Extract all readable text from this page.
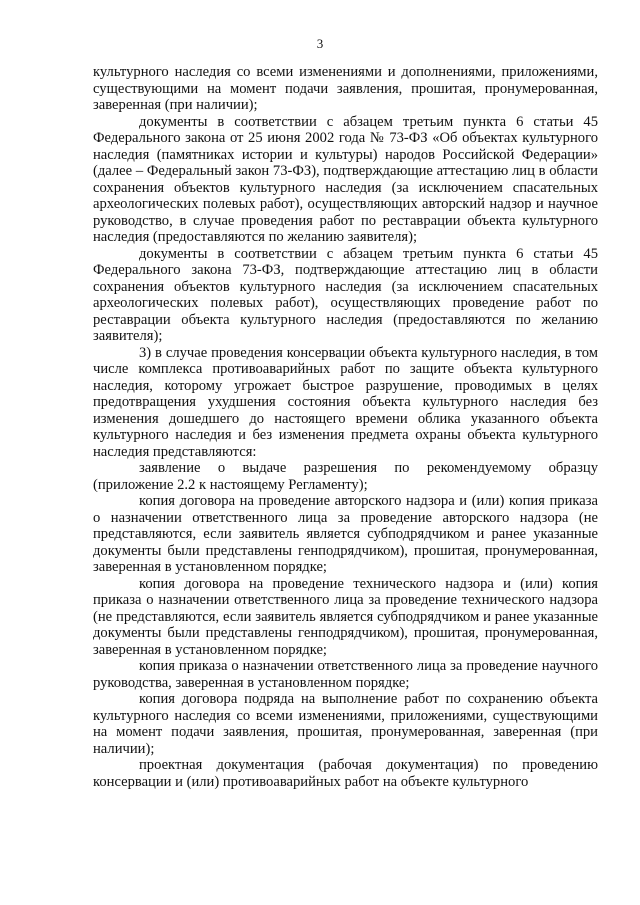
3

культурного наследия со всеми изменениями и дополнениями, приложениями, существующими на момент подачи заявления, прошитая, пронумерованная, заверенная (при наличии);

документы в соответствии с абзацем третьим пункта 6 статьи 45 Федерального закона от 25 июня 2002 года № 73-ФЗ «Об объектах культурного наследия (памятниках истории и культуры) народов Российской Федерации» (далее – Федеральный закон 73-ФЗ), подтверждающие аттестацию лиц в области сохранения объектов культурного наследия (за исключением спасательных археологических полевых работ), осуществляющих авторский надзор и научное руководство, в случае проведения работ по реставрации объекта культурного наследия (предоставляются по желанию заявителя);

документы в соответствии с абзацем третьим пункта 6 статьи 45 Федерального закона 73-ФЗ, подтверждающие аттестацию лиц в области сохранения объектов культурного наследия (за исключением спасательных археологических полевых работ), осуществляющих проведение работ по реставрации объекта культурного наследия (предоставляются по желанию заявителя);

3) в случае проведения консервации объекта культурного наследия, в том числе комплекса противоаварийных работ по защите объекта культурного наследия, которому угрожает быстрое разрушение, проводимых в целях предотвращения ухудшения состояния объекта культурного наследия без изменения дошедшего до настоящего времени облика указанного объекта культурного наследия и без изменения предмета охраны объекта культурного наследия представляются:

заявление о выдаче разрешения по рекомендуемому образцу (приложение 2.2 к настоящему Регламенту);

копия договора на проведение авторского надзора и (или) копия приказа о назначении ответственного лица за проведение авторского надзора (не представляются, если заявитель является субподрядчиком и ранее указанные документы были представлены генподрядчиком), прошитая, пронумерованная, заверенная в установленном порядке;

копия договора на проведение технического надзора и (или) копия приказа о назначении ответственного лица за проведение технического надзора (не представляются, если заявитель является субподрядчиком и ранее указанные документы были представлены генподрядчиком), прошитая, пронумерованная, заверенная в установленном порядке;

копия приказа о назначении ответственного лица за проведение научного руководства, заверенная в установленном порядке;

копия договора подряда на выполнение работ по сохранению объекта культурного наследия со всеми изменениями, приложениями, существующими на момент подачи заявления, прошитая, пронумерованная, заверенная (при наличии);

проектная документация (рабочая документация) по проведению консервации и (или) противоаварийных работ на объекте культурного
